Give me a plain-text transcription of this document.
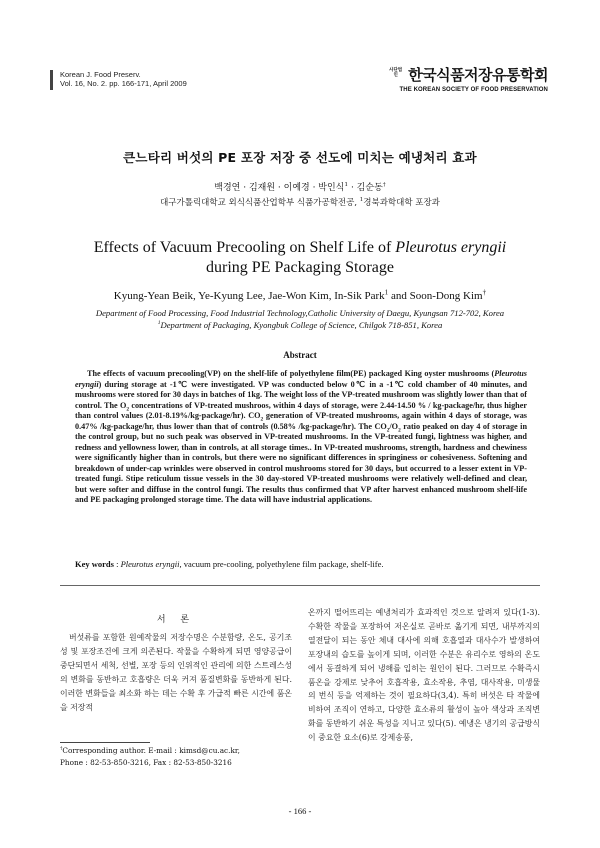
Korean J. Food Preserv.
Vol. 16, No. 2. pp. 166-171, April 2009
사단법인 한국식품저장유통학회
THE KOREAN SOCIETY OF FOOD PRESERVATION
큰느타리 버섯의 PE 포장 저장 중 선도에 미치는 예냉처리 효과
백경연 · 김재원 · 이예경 · 박인식$^1$ · 김순동†
대구가톨릭대학교 외식식품산업학부 식품가공학전공, $^1$경북과학대학 포장과
Effects of Vacuum Precooling on Shelf Life of Pleurotus eryngii
during PE Packaging Storage
Kyung-Yean Beik, Ye-Kyung Lee, Jae-Won Kim, In-Sik Park$^1$ and Soon-Dong Kim†
Department of Food Processing, Food Industrial Technology,Catholic University of Daegu, Kyungsan 712-702, Korea
$^1$Department of Packaging, Kyongbuk College of Science, Chilgok 718-851, Korea
Abstract
The effects of vacuum precooling(VP) on the shelf-life of polyethylene film(PE) packaged King oyster mushrooms (Pleurotus eryngii) during storage at -1℃ were investigated. VP was conducted below 0℃ in a -1℃ cold chamber of 40 minutes, and mushrooms were stored for 30 days in batches of 1kg. The weight loss of the VP-treated mushroom was slightly lower than that of control. The $O_2$ concentrations of VP-treated mushroos, within 4 days of storage, were 2.44-14.50 % / kg-package/hr, thus higher than control values (2.01-8.19%/kg-package/hr). $CO_2$ generation of VP-treated mushrooms, again within 4 days of storage, was 0.47% /kg-package/hr, thus lower than that of controls (0.58% /kg-package/hr). The $CO_2/O_2$ ratio peaked on day 4 of storage in the control group, but no such peak was observed in VP-treated mushrooms. In the VP-treated fungi, lightness was higher, and redness and yellowness lower, than in controls, at all storage times.. In VP-treated mushrooms, strength, hardness and chewiness were significantly higher than in controls, but there were no significant differences in springiness or cohesiveness. Softening and breakdown of under-cap wrinkles were observed in control mushrooms stored for 30 days, but occurred to a lesser extent in VP-treated fungi. Stipe reticulum tissue vessels in the 30 day-stored VP-treated mushrooms were relatively well-defined and clear, but were softer and diffuse in the control fungi. The results thus confirmed that VP after harvest enhanced mushroom shelf-life and PE packaging prolonged storage time. The data will have industrial applications.
Key words : Pleurotus eryngii, vacuum pre-cooling, polyethylene film package, shelf-life.
서 론
버섯류를 포함한 원예작물의 저장수명은 수분함량, 온도, 공기조성 및 포장조건에 크게 의존된다. 작물을 수확하게 되면 영양공급이 중단되면서 세척, 선별, 포장 등의 인위적인 관리에 의한 스트레스성의 변화를 동반하고 호흡량은 더욱 커져 품질변화를 동반하게 된다. 이러한 변화들을 최소화 하는 데는 수확 후 가급적 빠른 시간에 품온을 저장적
온까지 떨어뜨리는 예냉처리가 효과적인 것으로 알려져 있다(1-3). 수확한 작물을 포장하여 저온실로 곧바로 옮기게 되면, 내부까지의 열전달이 되는 동안 체내 대사에 의해 호흡열과 대사수가 발생하여 포장내의 습도를 높이게 되며, 이러한 수분은 유리수로 영하의 온도에서 동결하게 되어 냉해를 입히는 원인이 된다. 그러므로 수확즉시 품온을 강제로 낮추어 호흡작용, 효소작용, 추염, 대사작용, 미생물의 번식 등을 억제하는 것이 필요하다(3,4). 특히 버섯은 타 작물에 비하여 조직이 연하고, 다양한 효소류의 활성이 높아 색상과 조직변화를 동반하기 쉬운 특성을 지니고 있다(5). 예냉은 냉기의 공급방식이 중요한 요소(6)로 강제송풍,
†Corresponding author. E-mail : kimsd@cu.ac.kr,
Phone : 82-53-850-3216, Fax : 82-53-850-3216
- 166 -
